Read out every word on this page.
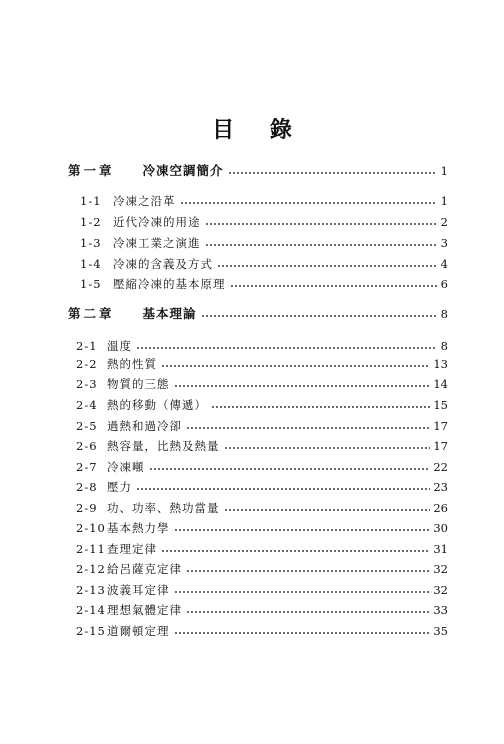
目 錄
第一章 冷凍空調簡介	1
1-1 冷凍之沿革	1
1-2 近代冷凍的用途	2
1-3 冷凍工業之演進	3
1-4 冷凍的含義及方式	4
1-5 壓縮冷凍的基本原理	6
第二章 基本理論	8
2-1 溫度	8
2-2 熱的性質	13
2-3 物質的三態	14
2-4 熱的移動（傳遞）	15
2-5 過熱和過冷卻	17
2-6 熱容量，比熱及熱量	17
2-7 冷凍噸	22
2-8 壓力	23
2-9 功、功率、熱功當量	26
2-10 基本熱力學	30
2-11 查理定律	31
2-12 給呂薩克定律	32
2-13 波義耳定律	32
2-14 理想氣體定律	33
2-15 道爾頓定理	35
